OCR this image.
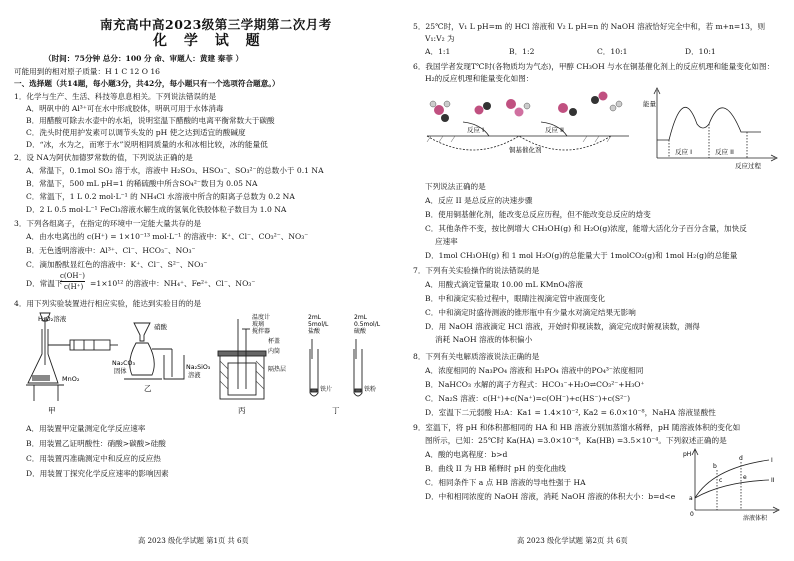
南充高中高2023级第三学期第二次月考
化 学 试 题
（时间：75分钟 总分：100 分 命、审题人：黄建 秦菲 ）
可能用到的相对原子质量：H 1 C 12 O 16
一、选择题（共14题，每小题3分，共42分，每小题只有一个选项符合题意。）
1．化学与生产、生活、科技等息息相关。下列说法错误的是
A．明矾中的 Al³⁺可在水中形成胶体，明矾可用于水体消毒
B．用醋酸可除去水壶中的水垢，说明室温下醋酸的电离平衡常数大于碳酸
C．洗头时使用护发素可以调节头发的 pH 使之达到适宜的酸碱度
D．“冰，水为之，而寒于水”说明相同质量的水和冰相比较，冰的能量低
2．设 NA为阿伏加德罗常数的值，下列说法正确的是
A．常温下，0.1mol SO₂ 溶于水，溶液中 H₂SO₃、HSO₃⁻、SO₃²⁻的总数小于 0.1 NA
B．常温下，500 mL pH=1 的稀硫酸中所含SO₄²⁻数目为 0.05 NA
C．常温下，1 L 0.2 mol·L⁻¹ 的 NH₄Cl 水溶液中所含的阳离子总数为 0.2 NA
D．2 L 0.5 mol·L⁻¹ FeCl₃溶液水解生成的氢氧化铁胶体粒子数目为 1.0 NA
3．下列各组离子，在指定的环境中一定能大量共存的是
A．由水电离出的 c(H⁺) = 1×10⁻¹³ mol·L⁻¹ 的溶液中：K⁺、Cl⁻、CO₃²⁻、NO₃⁻
B．无色透明溶液中：Al³⁺、Cl⁻、HCO₃⁻、NO₃⁻
C．滴加酚酞显红色的溶液中：K⁺、Cl⁻、S²⁻、NO₃⁻
D．常温下
c(OH⁻)
c(H⁺) =1×10¹² 的溶液中：NH₄⁺、Fe²⁺、Cl⁻、NO₃⁻
4．用下列实验装置进行相应实验，能达到实验目的的是
H₂O₂溶液
MnO₂
甲
硝酸
Na₂CO₃
固体
Na₂SiO₃
溶液
乙
温度计
玻璃
搅拌器
内筒
隔热层
杯盖
丙
2mL
5mol/L
盐酸
2mL
0.5mol/L
硫酸
铁片	铁粉
丁
A．用装置甲定量测定化学反应速率
B．用装置乙证明酸性：硝酸>碳酸>硅酸
C．用装置丙准确测定中和反应的反应热
D．用装置丁探究化学反应速率的影响因素
高 2023 级化学试题 第1页 共 6页
5．25℃时，V₁ L pH=m 的 HCl 溶液和 V₂ L pH=n 的 NaOH 溶液恰好完全中和，若 m+n=13，则
V₁:V₂ 为
A．1:1	B．1:2	C．10:1	D．10:1
6．我国学者发现T℃时(各物质均为气态)，甲醇 CH₃OH 与水在铜基催化剂上的反应机理和能量变化如图：
H₂的反应机理和能量变化如图：
反应 I	反应 II
铜基催化剂
能量
反应 I	反应 II
反应过程
下列说法正确的是
A．反应 II 是总反应的决速步骤
B．使用铜基催化剂，能改变总反应历程，但不能改变总反应的焓变
C．其他条件不变，按比例增大 CH₃OH(g) 和 H₂O(g)浓度，能增大活化分子百分含量，加快反
应速率
D．1mol CH₃OH(g) 和 1 mol H₂O(g)的总能量大于 1molCO₂(g)和 1mol H₂(g)的总能量
7．下列有关实验操作的说法错误的是
A．用酸式滴定管量取 10.00 mL KMnO₄溶液
B．中和滴定实验过程中，眼睛注视滴定管中液面变化
C．中和滴定时盛待测液的锥形瓶中有少量水对滴定结果无影响
D．用 NaOH 溶液滴定 HCl 溶液，开始时仰视读数，滴定完成时俯视读数，测得
消耗 NaOH 溶液的体积偏小
8．下列有关电解质溶液说法正确的是
A．浓度相同的 Na₃PO₄ 溶液和 H₃PO₄ 溶液中的PO₄³⁻浓度相同
B．NaHCO₃ 水解的离子方程式：HCO₃⁻+H₂O⇌CO₃²⁻+H₃O⁺
C．Na₂S 溶液：c(H⁺)+c(Na⁺)=c(OH⁻)+c(HS⁻)+c(S²⁻)
D．室温下二元弱酸 H₂A：Ka1 = 1.4×10⁻², Ka2 = 6.0×10⁻⁸，NaHA 溶液显酸性
9．室温下，将 pH 和体积都相同的 HA 和 HB 溶液分别加蒸馏水稀释，pH 随溶液体积的变化如
图所示，已知：25℃时 Ka(HA) =3.0×10⁻⁸，Ka(HB) =3.5×10⁻⁴。下列叙述正确的是
A．酸的电离程度：b>d
B．曲线 II 为 HB 稀释时 pH 的变化曲线
C．相同条件下 a 点 HB 溶液的导电性强于 HA
D．中和相同浓度的 NaOH 溶液，消耗 NaOH 溶液的体积大小：b=d<e
pH
溶液体积
I
II
a
b
c
d
e
0
高 2023 级化学试题 第2页 共 6页
